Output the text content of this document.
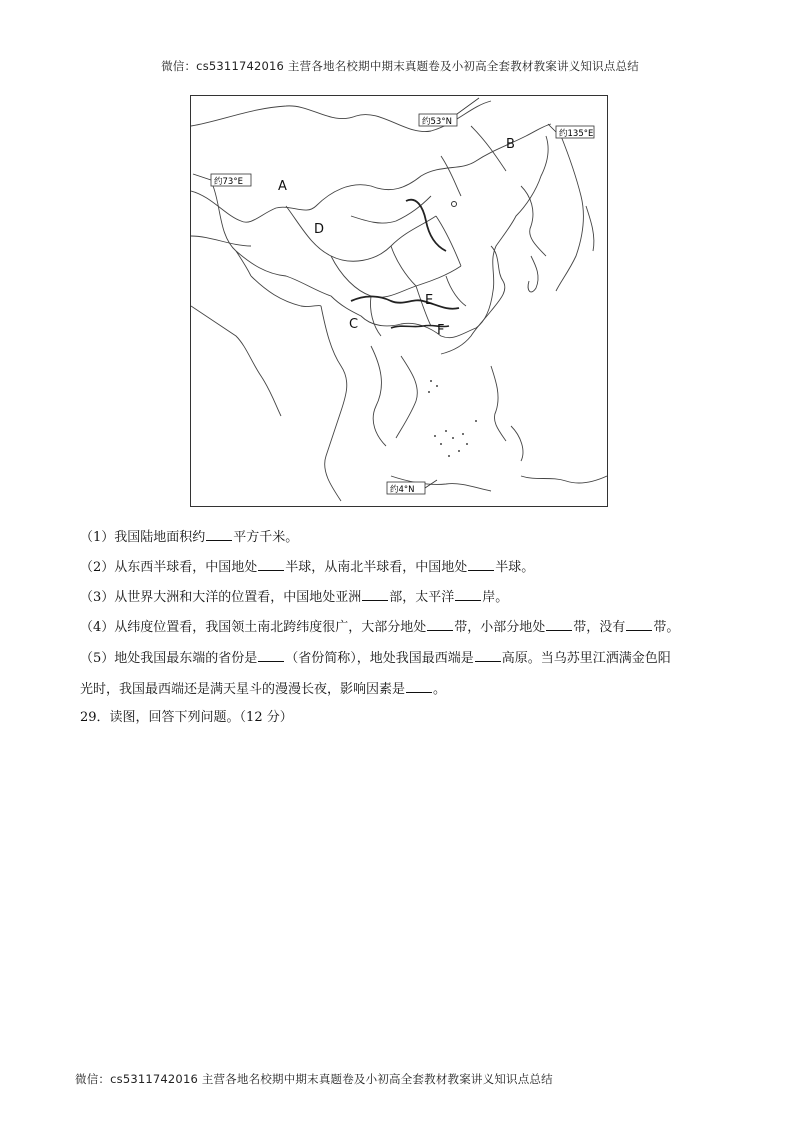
微信：cs5311742016 主营各地名校期中期末真题卷及小初高全套教材教案讲义知识点总结
约53°N
约135°E
约73°E
约4°N
A
B
C
D
E
F
（1）我国陆地面积约 平方千米。
（2）从东西半球看，中国地处 半球，从南北半球看，中国地处 半球。
（3）从世界大洲和大洋的位置看，中国地处亚洲 部，太平洋 岸。
（4）从纬度位置看，我国领土南北跨纬度很广，大部分地处 带，小部分地处 带，没有 带。
（5）地处我国最东端的省份是 （省份简称），地处我国最西端是 高原。当乌苏里江洒满金色阳
光时，我国最西端还是满天星斗的漫漫长夜，影响因素是 。
29．读图，回答下列问题。（12 分）
微信：cs5311742016 主营各地名校期中期末真题卷及小初高全套教材教案讲义知识点总结
